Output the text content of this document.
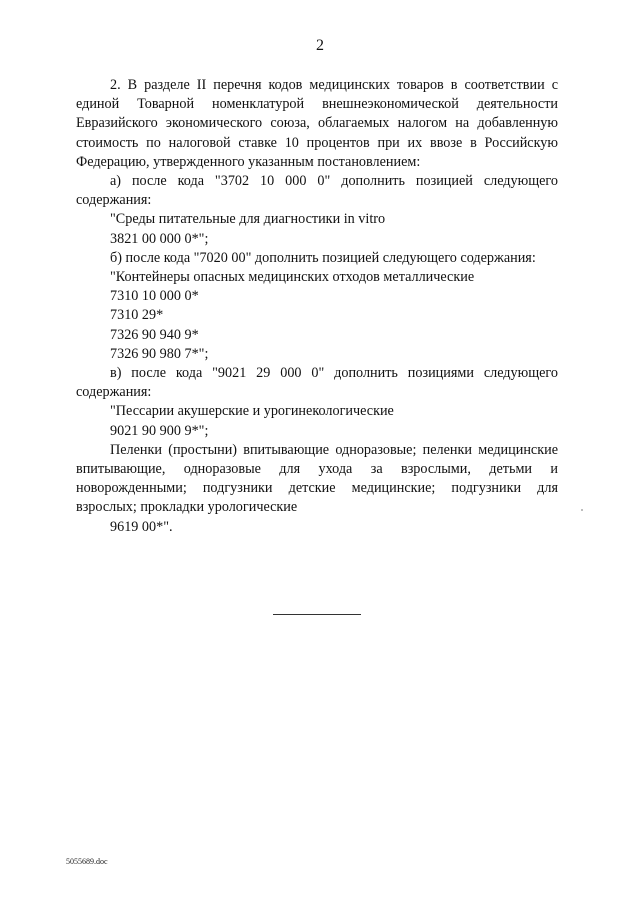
2

2. В разделе II перечня кодов медицинских товаров в соответствии с единой Товарной номенклатурой внешнеэкономической деятельности Евразийского экономического союза, облагаемых налогом на добавленную стоимость по налоговой ставке 10 процентов при их ввозе в Российскую Федерацию, утвержденного указанным постановлением:

а) после кода "3702 10 000 0" дополнить позицией следующего содержания:

"Среды питательные для диагностики in vitro

3821 00 000 0*";

б) после кода "7020 00" дополнить позицией следующего содержания:

"Контейнеры опасных медицинских отходов металлические

7310 10 000 0*

7310 29*

7326 90 940 9*

7326 90 980 7*";

в) после кода "9021 29 000 0" дополнить позициями следующего содержания:

"Пессарии акушерские и урогинекологические

9021 90 900 9*";

Пеленки (простыни) впитывающие одноразовые; пеленки медицинские впитывающие, одноразовые для ухода за взрослыми, детьми и новорожденными; подгузники детские медицинские; подгузники для взрослых; прокладки урологические

9619 00*".

5055689.doc
